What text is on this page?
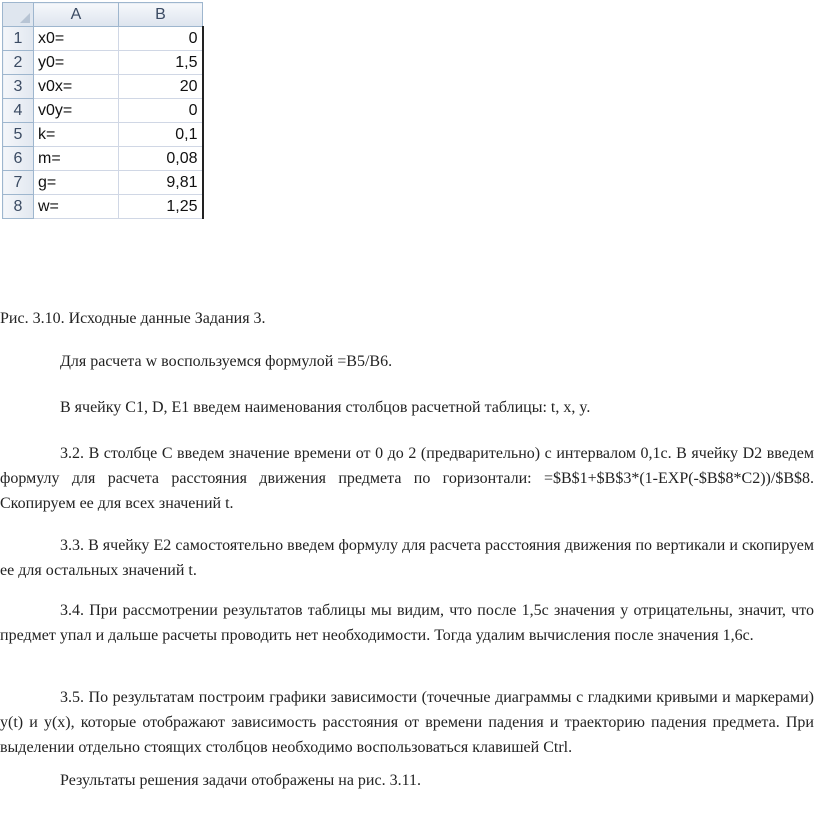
	A	B
1	x0=	0
2	y0=	1,5
3	v0x=	20
4	v0y=	0
5	k=	0,1
6	m=	0,08
7	g=	9,81
8	w=	1,25

Рис. 3.10. Исходные данные Задания 3.

Для расчета w воспользуемся формулой =B5/B6.

В ячейку С1, D, E1 введем наименования столбцов расчетной таблицы: t, x, y.

3.2. В столбце С введем значение времени от 0 до 2 (предварительно) с интервалом 0,1с. В ячейку D2 введем формулу для расчета расстояния движения предмета по горизонтали: =$B$1+$B$3*(1-EXP(-$B$8*C2))/$B$8. Скопируем ее для всех значений t.

3.3. В ячейку E2 самостоятельно введем формулу для расчета расстояния движения по вертикали и скопируем ее для остальных значений t.

3.4. При рассмотрении результатов таблицы мы видим, что после 1,5с значения у отрицательны, значит, что предмет упал и дальше расчеты проводить нет необходимости. Тогда удалим вычисления после значения 1,6с.

3.5. По результатам построим графики зависимости (точечные диаграммы с гладкими кривыми и маркерами) y(t) и y(x), которые отображают зависимость расстояния от времени падения и траекторию падения предмета. При выделении отдельно стоящих столбцов необходимо воспользоваться клавишей Ctrl.

Результаты решения задачи отображены на рис. 3.11.
